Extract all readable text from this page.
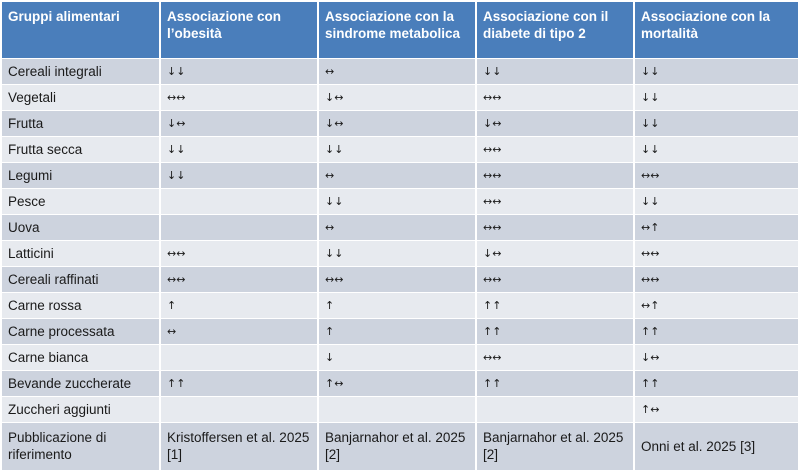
Gruppi alimentari	Associazione con l’obesità	Associazione con la sindrome metabolica	Associazione con il diabete di tipo 2	Associazione con la mortalità
Cereali integrali	↓↓	↔	↓↓	↓↓
Vegetali	↔↔	↓↔	↔↔	↓↓
Frutta	↓↔	↓↔	↓↔	↓↓
Frutta secca	↓↓	↓↓	↔↔	↓↓
Legumi	↓↓	↔	↔↔	↔↔
Pesce		↓↓	↔↔	↓↓
Uova		↔	↔↔	↔↑
Latticini	↔↔	↓↓	↓↔	↔↔
Cereali raffinati	↔↔	↔↔	↔↔	↔↔
Carne rossa	↑	↑	↑↑	↔↑
Carne processata	↔	↑	↑↑	↑↑
Carne bianca		↓	↔↔	↓↔
Bevande zuccherate	↑↑	↑↔	↑↑	↑↑
Zuccheri aggiunti				↑↔
Pubblicazione di riferimento	Kristoffersen et al. 2025 [1]	Banjarnahor et al. 2025 [2]	Banjarnahor et al. 2025 [2]	Onni et al. 2025 [3]
